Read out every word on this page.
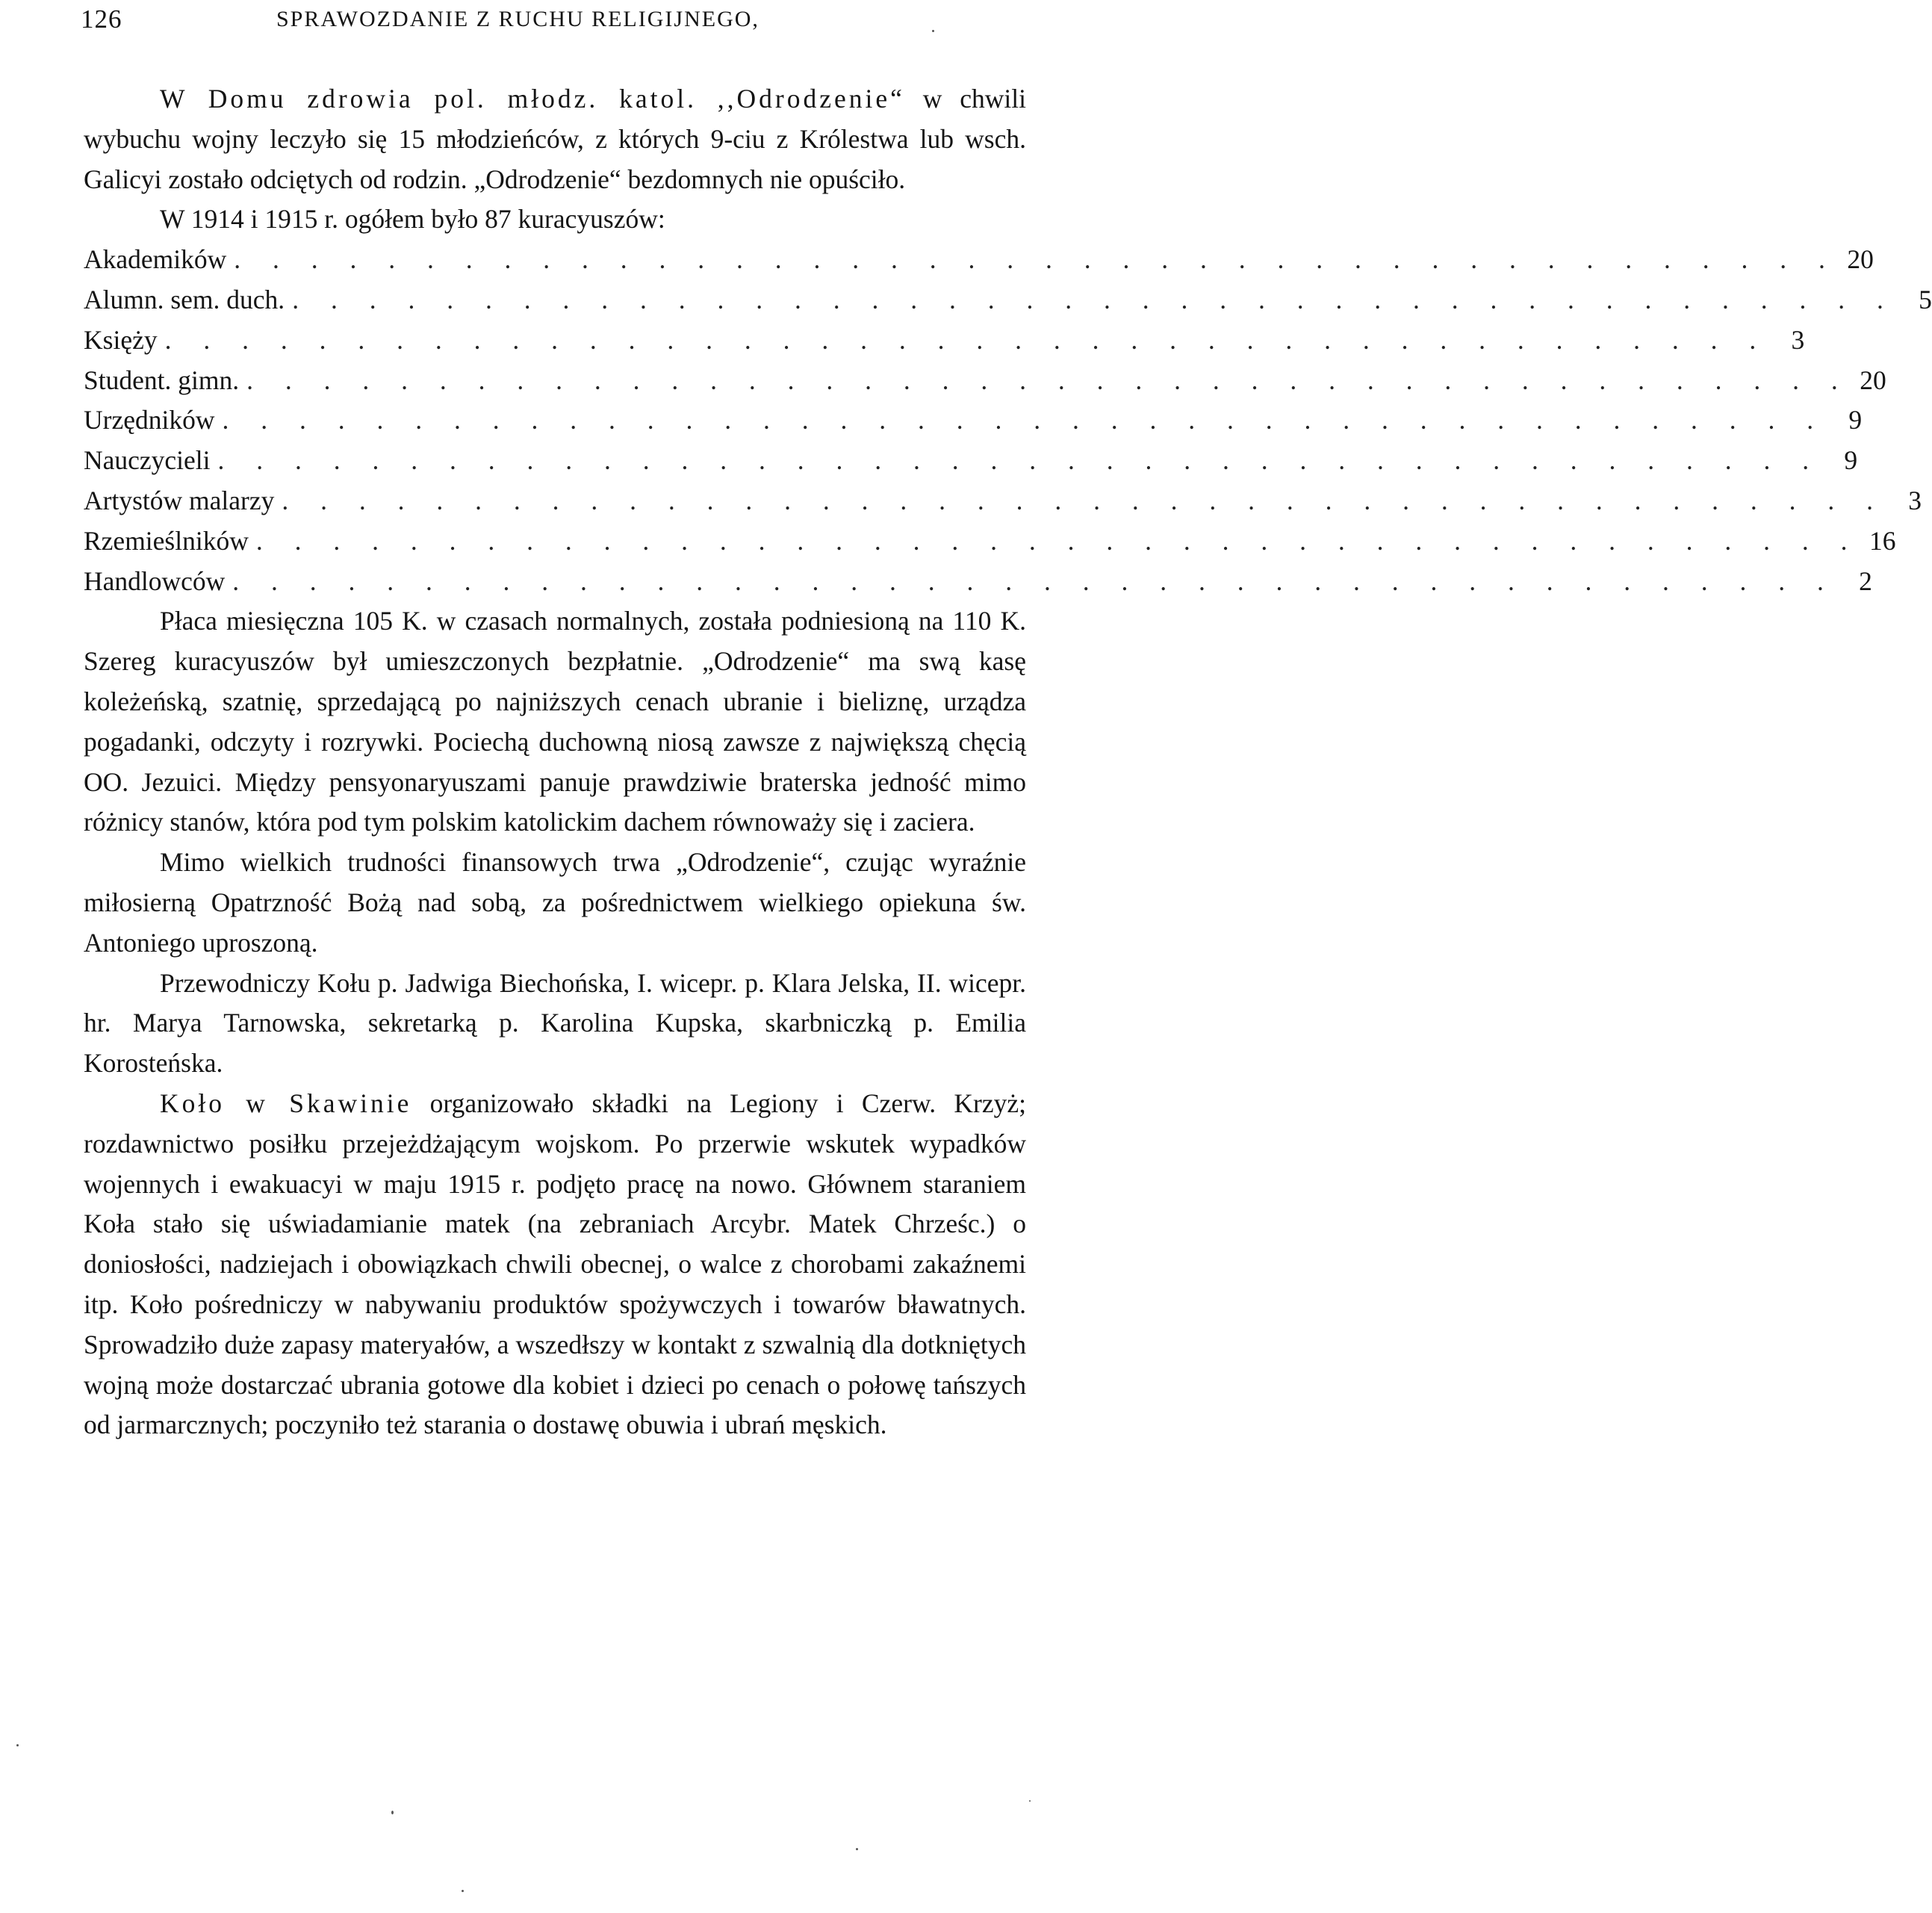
126	SPRAWOZDANIE Z RUCHU RELIGIJNEGO,

W Domu zdrowia pol. młodz. katol. ,,Odrodzenie“ w chwili wybuchu wojny leczyło się 15 młodzieńców, z których 9-ciu z Królestwa lub wsch. Galicyi zostało odciętych od rodzin. „Odrodzenie“ bezdomnych nie opuściło.

W 1914 i 1915 r. ogółem było 87 kuracyuszów:

Akademików . . . . . . . . . . . . . . . . . . . . . . . . . . . . . . . . . . . . . . . . . . 20
Alumn. sem. duch. . . . . . . . . . . . . . . . . . . . . . . . . . . . . . . . . . . . . . . . . . . 5
Księży . . . . . . . . . . . . . . . . . . . . . . . . . . . . . . . . . . . . . . . . . . 3
Student. gimn. . . . . . . . . . . . . . . . . . . . . . . . . . . . . . . . . . . . . . . . . . . 20
Urzędników . . . . . . . . . . . . . . . . . . . . . . . . . . . . . . . . . . . . . . . . . . 9
Nauczycieli . . . . . . . . . . . . . . . . . . . . . . . . . . . . . . . . . . . . . . . . . . 9
Artystów malarzy . . . . . . . . . . . . . . . . . . . . . . . . . . . . . . . . . . . . . . . . . . 3
Rzemieślników . . . . . . . . . . . . . . . . . . . . . . . . . . . . . . . . . . . . . . . . . . 16
Handlowców . . . . . . . . . . . . . . . . . . . . . . . . . . . . . . . . . . . . . . . . . . 2

Płaca miesięczna 105 K. w czasach normalnych, została podniesioną na 110 K. Szereg kuracyuszów był umieszczonych bezpłatnie. „Odrodzenie“ ma swą kasę koleżeńską, szatnię, sprzedającą po najniższych cenach ubranie i bieliznę, urządza pogadanki, odczyty i rozrywki. Pociechą duchowną niosą zawsze z największą chęcią OO. Jezuici. Między pensyonaryuszami panuje prawdziwie braterska jedność mimo różnicy stanów, która pod tym polskim katolickim dachem równoważy się i zaciera.

Mimo wielkich trudności finansowych trwa „Odrodzenie“, czując wyraźnie miłosierną Opatrzność Bożą nad sobą, za pośrednictwem wielkiego opiekuna św. Antoniego uproszoną.

Przewodniczy Kołu p. Jadwiga Biechońska, I. wicepr. p. Klara Jelska, II. wicepr. hr. Marya Tarnowska, sekretarką p. Karolina Kupska, skarbniczką p. Emilia Korosteńska.

Koło w Skawinie organizowało składki na Legiony i Czerw. Krzyż; rozdawnictwo posiłku przejeżdżającym wojskom. Po przerwie wskutek wypadków wojennych i ewakuacyi w maju 1915 r. podjęto pracę na nowo. Głównem staraniem Koła stało się uświadamianie matek (na zebraniach Arcybr. Matek Chrześc.) o doniosłości, nadziejach i obowiązkach chwili obecnej, o walce z chorobami zakaźnemi itp. Koło pośredniczy w nabywaniu produktów spożywczych i towarów bławatnych. Sprowadziło duże zapasy materyałów, a wszedłszy w kontakt z szwalnią dla dotkniętych wojną może dostarczać ubrania gotowe dla kobiet i dzieci po cenach o połowę tańszych od jarmarcznych; poczyniło też starania o dostawę obuwia i ubrań męskich.
